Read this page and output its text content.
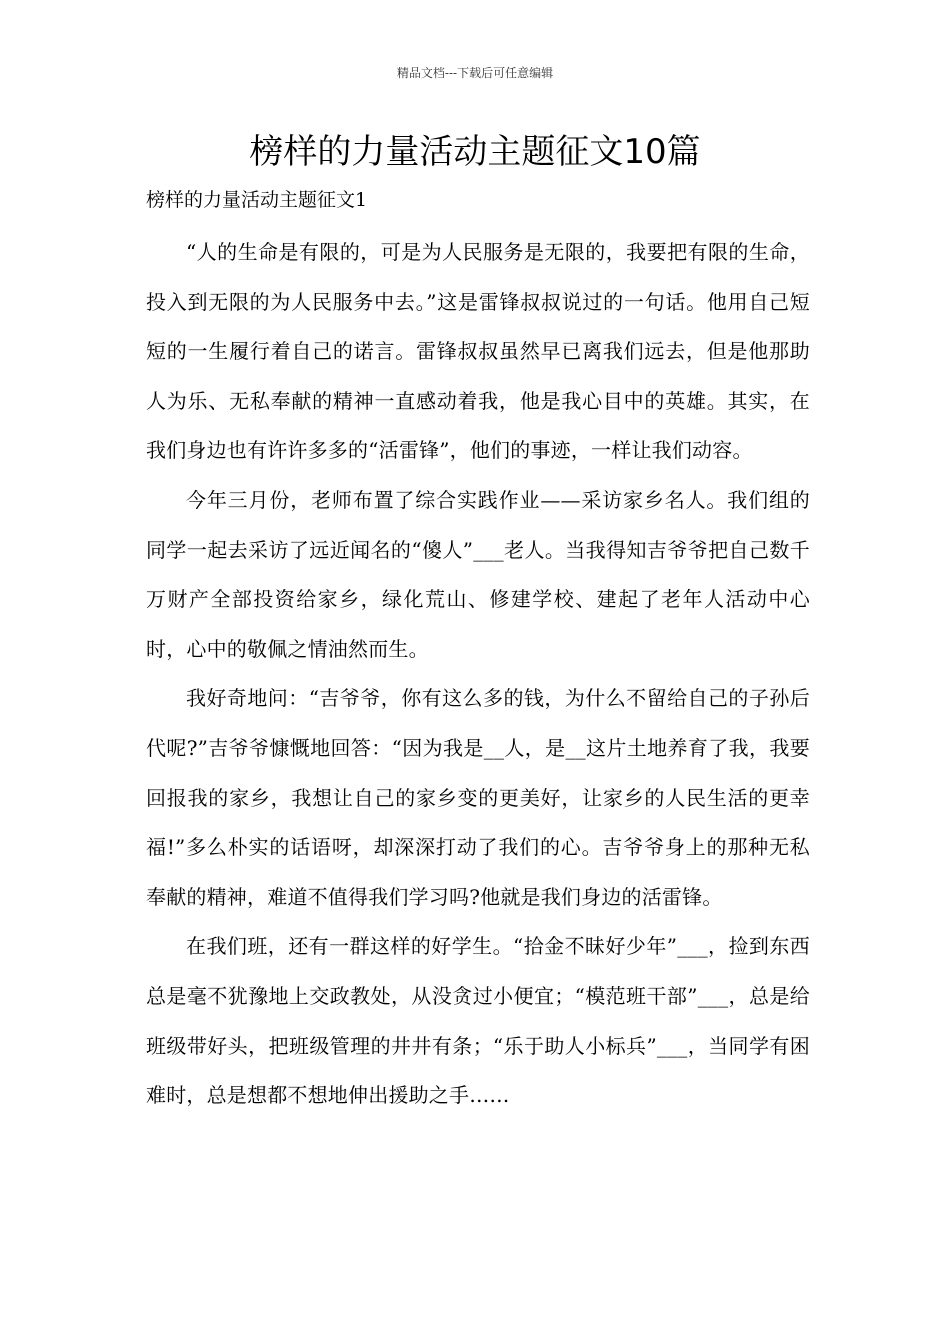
精品文档---下载后可任意编辑
榜样的力量活动主题征文10篇
榜样的力量活动主题征文1

“人的生命是有限的，可是为人民服务是无限的，我要把有限的生命，投入到无限的为人民服务中去。”这是雷锋叔叔说过的一句话。他用自己短短的一生履行着自己的诺言。雷锋叔叔虽然早已离我们远去，但是他那助人为乐、无私奉献的精神一直感动着我，他是我心目中的英雄。其实，在我们身边也有许许多多的“活雷锋”，他们的事迹，一样让我们动容。

今年三月份，老师布置了综合实践作业——采访家乡名人。我们组的同学一起去采访了远近闻名的“傻人”___老人。当我得知吉爷爷把自己数千万财产全部投资给家乡，绿化荒山、修建学校、建起了老年人活动中心时，心中的敬佩之情油然而生。

我好奇地问：“吉爷爷，你有这么多的钱，为什么不留给自己的子孙后代呢?”吉爷爷慷慨地回答：“因为我是__人，是__这片土地养育了我，我要回报我的家乡，我想让自己的家乡变的更美好，让家乡的人民生活的更幸福!”多么朴实的话语呀，却深深打动了我们的心。吉爷爷身上的那种无私奉献的精神，难道不值得我们学习吗?他就是我们身边的活雷锋。

在我们班，还有一群这样的好学生。“拾金不昧好少年”___，捡到东西总是毫不犹豫地上交政教处，从没贪过小便宜；“模范班干部”___，总是给班级带好头，把班级管理的井井有条；“乐于助人小标兵”___，当同学有困难时，总是想都不想地伸出援助之手……
